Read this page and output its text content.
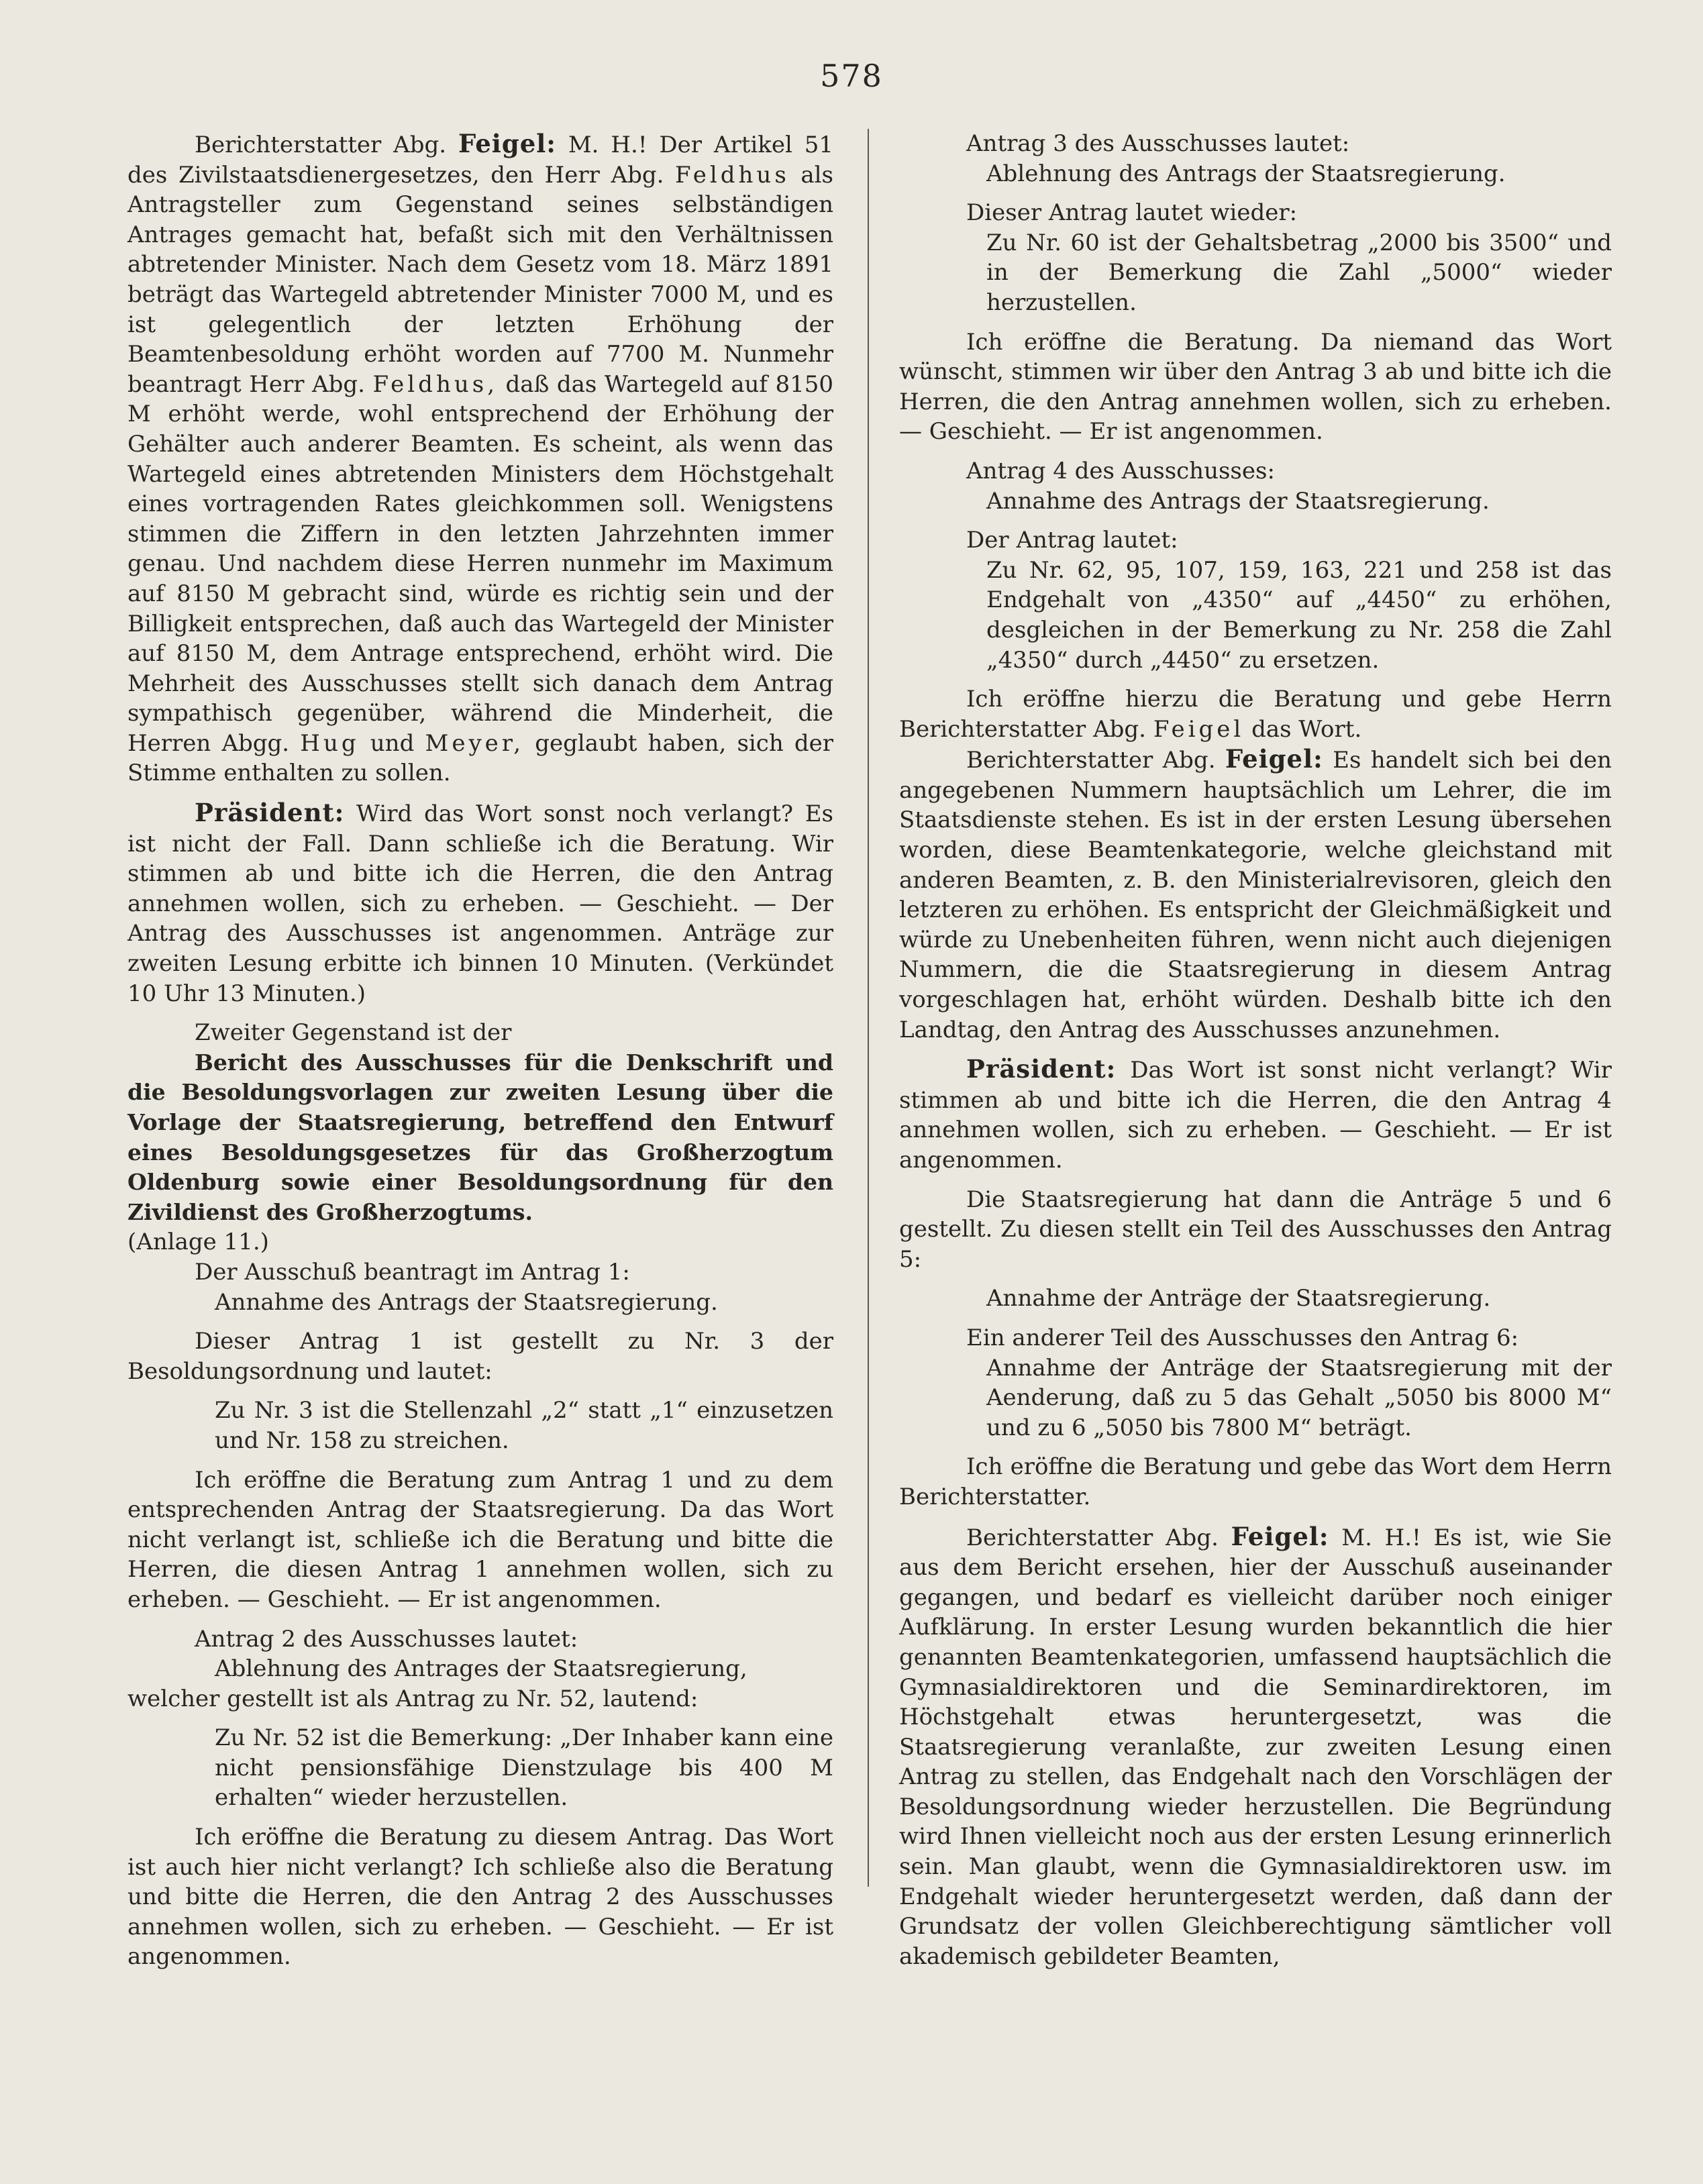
578

Berichterstatter Abg. Feigel: M. H.! Der Artikel 51 des Zivilstaatsdienergesetzes, den Herr Abg. Feldhus als Antragsteller zum Gegenstand seines selbständigen Antrages gemacht hat, befaßt sich mit den Verhältnissen abtretender Minister. Nach dem Gesetz vom 18. März 1891 beträgt das Wartegeld abtretender Minister 7000 M, und es ist gelegentlich der letzten Erhöhung der Beamtenbesoldung erhöht worden auf 7700 M. Nunmehr beantragt Herr Abg. Feldhus, daß das Wartegeld auf 8150 M erhöht werde, wohl entsprechend der Erhöhung der Gehälter auch anderer Beamten. Es scheint, als wenn das Wartegeld eines abtretenden Ministers dem Höchstgehalt eines vortragenden Rates gleichkommen soll. Wenigstens stimmen die Ziffern in den letzten Jahrzehnten immer genau. Und nachdem diese Herren nunmehr im Maximum auf 8150 M gebracht sind, würde es richtig sein und der Billigkeit entsprechen, daß auch das Wartegeld der Minister auf 8150 M, dem Antrage entsprechend, erhöht wird. Die Mehrheit des Ausschusses stellt sich danach dem Antrag sympathisch gegenüber, während die Minderheit, die Herren Abgg. Hug und Meyer, geglaubt haben, sich der Stimme enthalten zu sollen.

Präsident: Wird das Wort sonst noch verlangt? Es ist nicht der Fall. Dann schließe ich die Beratung. Wir stimmen ab und bitte ich die Herren, die den Antrag annehmen wollen, sich zu erheben. — Geschieht. — Der Antrag des Ausschusses ist angenommen. Anträge zur zweiten Lesung erbitte ich binnen 10 Minuten. (Verkündet 10 Uhr 13 Minuten.)

Zweiter Gegenstand ist der

Bericht des Ausschusses für die Denkschrift und die Besoldungsvorlagen zur zweiten Lesung über die Vorlage der Staatsregierung, betreffend den Entwurf eines Besoldungsgesetzes für das Großherzogtum Oldenburg sowie einer Besoldungsordnung für den Zivildienst des Großherzogtums.

(Anlage 11.)

Der Ausschuß beantragt im Antrag 1:

Annahme des Antrags der Staatsregierung.

Dieser Antrag 1 ist gestellt zu Nr. 3 der Besoldungsordnung und lautet:

Zu Nr. 3 ist die Stellenzahl „2“ statt „1“ einzusetzen und Nr. 158 zu streichen.

Ich eröffne die Beratung zum Antrag 1 und zu dem entsprechenden Antrag der Staatsregierung. Da das Wort nicht verlangt ist, schließe ich die Beratung und bitte die Herren, die diesen Antrag 1 annehmen wollen, sich zu erheben. — Geschieht. — Er ist angenommen.

Antrag 2 des Ausschusses lautet:

Ablehnung des Antrages der Staatsregierung,

welcher gestellt ist als Antrag zu Nr. 52, lautend:

Zu Nr. 52 ist die Bemerkung: „Der Inhaber kann eine nicht pensionsfähige Dienstzulage bis 400 M erhalten“ wieder herzustellen.

Ich eröffne die Beratung zu diesem Antrag. Das Wort ist auch hier nicht verlangt? Ich schließe also die Beratung und bitte die Herren, die den Antrag 2 des Ausschusses annehmen wollen, sich zu erheben. — Geschieht. — Er ist angenommen.

Antrag 3 des Ausschusses lautet:

Ablehnung des Antrags der Staatsregierung.

Dieser Antrag lautet wieder:

Zu Nr. 60 ist der Gehaltsbetrag „2000 bis 3500“ und in der Bemerkung die Zahl „5000“ wieder herzustellen.

Ich eröffne die Beratung. Da niemand das Wort wünscht, stimmen wir über den Antrag 3 ab und bitte ich die Herren, die den Antrag annehmen wollen, sich zu erheben. — Geschieht. — Er ist angenommen.

Antrag 4 des Ausschusses:

Annahme des Antrags der Staatsregierung.

Der Antrag lautet:

Zu Nr. 62, 95, 107, 159, 163, 221 und 258 ist das Endgehalt von „4350“ auf „4450“ zu erhöhen, desgleichen in der Bemerkung zu Nr. 258 die Zahl „4350“ durch „4450“ zu ersetzen.

Ich eröffne hierzu die Beratung und gebe Herrn Berichterstatter Abg. Feigel das Wort.

Berichterstatter Abg. Feigel: Es handelt sich bei den angegebenen Nummern hauptsächlich um Lehrer, die im Staatsdienste stehen. Es ist in der ersten Lesung übersehen worden, diese Beamtenkategorie, welche gleichstand mit anderen Beamten, z. B. den Ministerialrevisoren, gleich den letzteren zu erhöhen. Es entspricht der Gleichmäßigkeit und würde zu Unebenheiten führen, wenn nicht auch diejenigen Nummern, die die Staatsregierung in diesem Antrag vorgeschlagen hat, erhöht würden. Deshalb bitte ich den Landtag, den Antrag des Ausschusses anzunehmen.

Präsident: Das Wort ist sonst nicht verlangt? Wir stimmen ab und bitte ich die Herren, die den Antrag 4 annehmen wollen, sich zu erheben. — Geschieht. — Er ist angenommen.

Die Staatsregierung hat dann die Anträge 5 und 6 gestellt. Zu diesen stellt ein Teil des Ausschusses den Antrag 5:

Annahme der Anträge der Staatsregierung.

Ein anderer Teil des Ausschusses den Antrag 6:

Annahme der Anträge der Staatsregierung mit der Aenderung, daß zu 5 das Gehalt „5050 bis 8000 M“ und zu 6 „5050 bis 7800 M“ beträgt.

Ich eröffne die Beratung und gebe das Wort dem Herrn Berichterstatter.

Berichterstatter Abg. Feigel: M. H.! Es ist, wie Sie aus dem Bericht ersehen, hier der Ausschuß auseinander gegangen, und bedarf es vielleicht darüber noch einiger Aufklärung. In erster Lesung wurden bekanntlich die hier genannten Beamtenkategorien, umfassend hauptsächlich die Gymnasialdirektoren und die Seminardirektoren, im Höchstgehalt etwas heruntergesetzt, was die Staatsregierung veranlaßte, zur zweiten Lesung einen Antrag zu stellen, das Endgehalt nach den Vorschlägen der Besoldungsordnung wieder herzustellen. Die Begründung wird Ihnen vielleicht noch aus der ersten Lesung erinnerlich sein. Man glaubt, wenn die Gymnasialdirektoren usw. im Endgehalt wieder heruntergesetzt werden, daß dann der Grundsatz der vollen Gleichberechtigung sämtlicher voll akademisch gebildeter Beamten,
